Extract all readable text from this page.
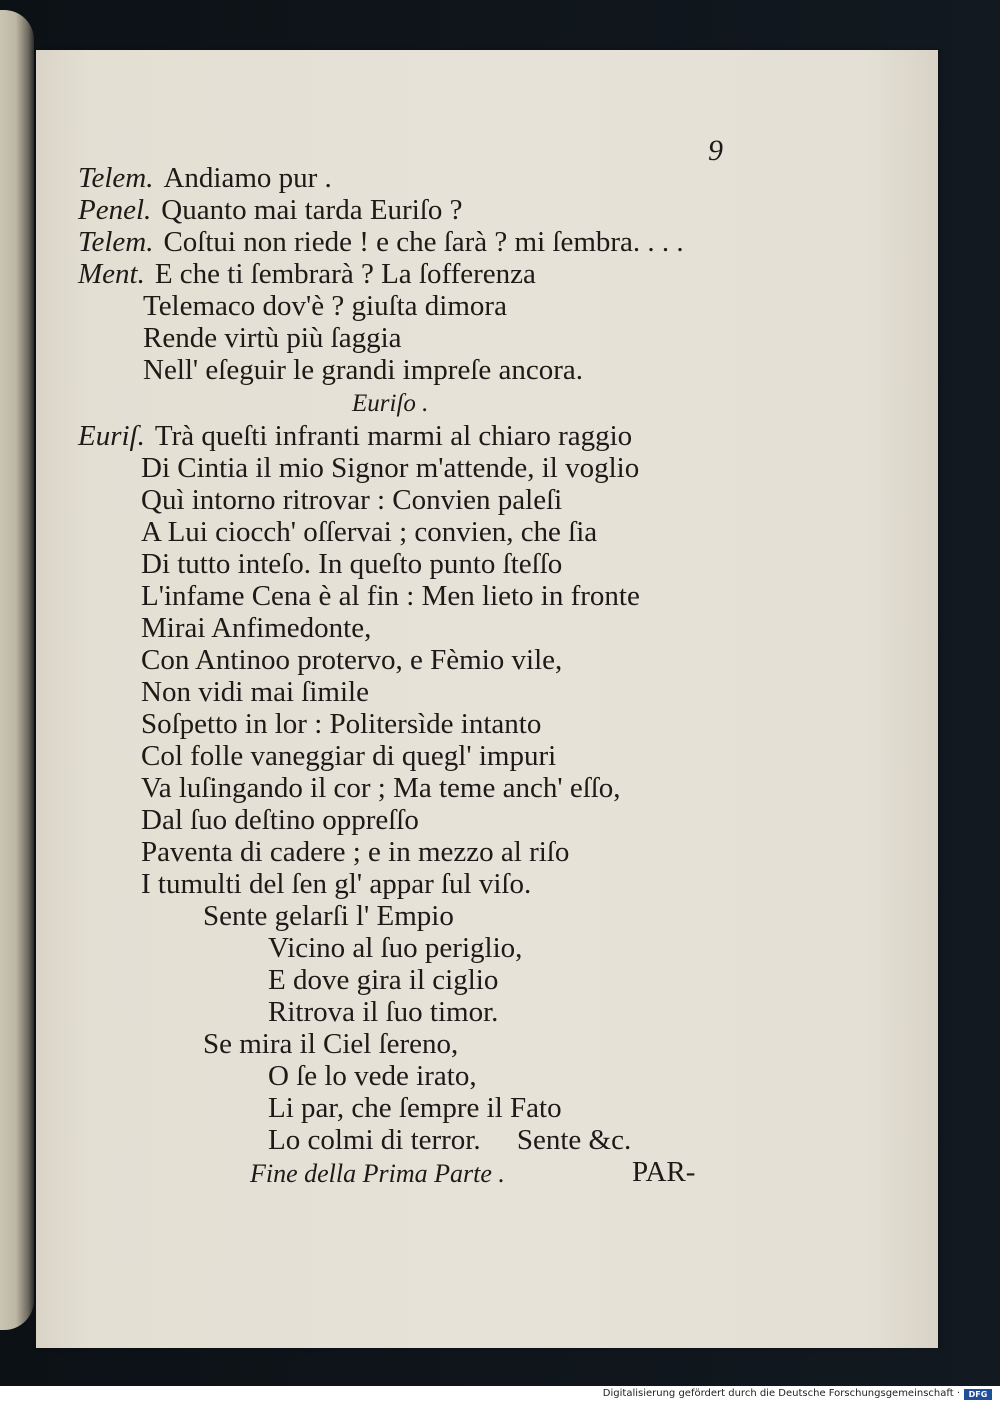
9
Telem. Andiamo pur .
Penel. Quanto mai tarda Euriſo ?
Telem. Coſtui non riede ! e che ſarà ? mi ſembra. . . .
Ment. E che ti ſembrarà ? La ſofferenza
Telemaco dov'è ? giuſta dimora
Rende virtù più ſaggia
Nell' eſeguir le grandi impreſe ancora.
Euriſo .
Euriſ. Trà queſti infranti marmi al chiaro raggio
Di Cintia il mio Signor m'attende, il voglio
Quì intorno ritrovar : Convien paleſi
A Lui ciocch' oſſervai ; convien, che ſia
Di tutto inteſo. In queſto punto ſteſſo
L'infame Cena è al fin : Men lieto in fronte
Mirai Anfimedonte,
Con Antinoo protervo, e Fèmio vile,
Non vidi mai ſimile
Soſpetto in lor : Politersìde intanto
Col folle vaneggiar di quegl' impuri
Va luſingando il cor ; Ma teme anch' eſſo,
Dal ſuo deſtino oppreſſo
Paventa di cadere ; e in mezzo al riſo
I tumulti del ſen gl' appar ſul viſo.
Sente gelarſi l' Empio
Vicino al ſuo periglio,
E dove gira il ciglio
Ritrova il ſuo timor.
Se mira il Ciel ſereno,
O ſe lo vede irato,
Li par, che ſempre il Fato
Lo colmi di terror.     Sente &c.
Fine della Prima Parte .	PAR-
Digitalisierung gefördert durch die Deutsche Forschungsgemeinschaft ·	DFG
